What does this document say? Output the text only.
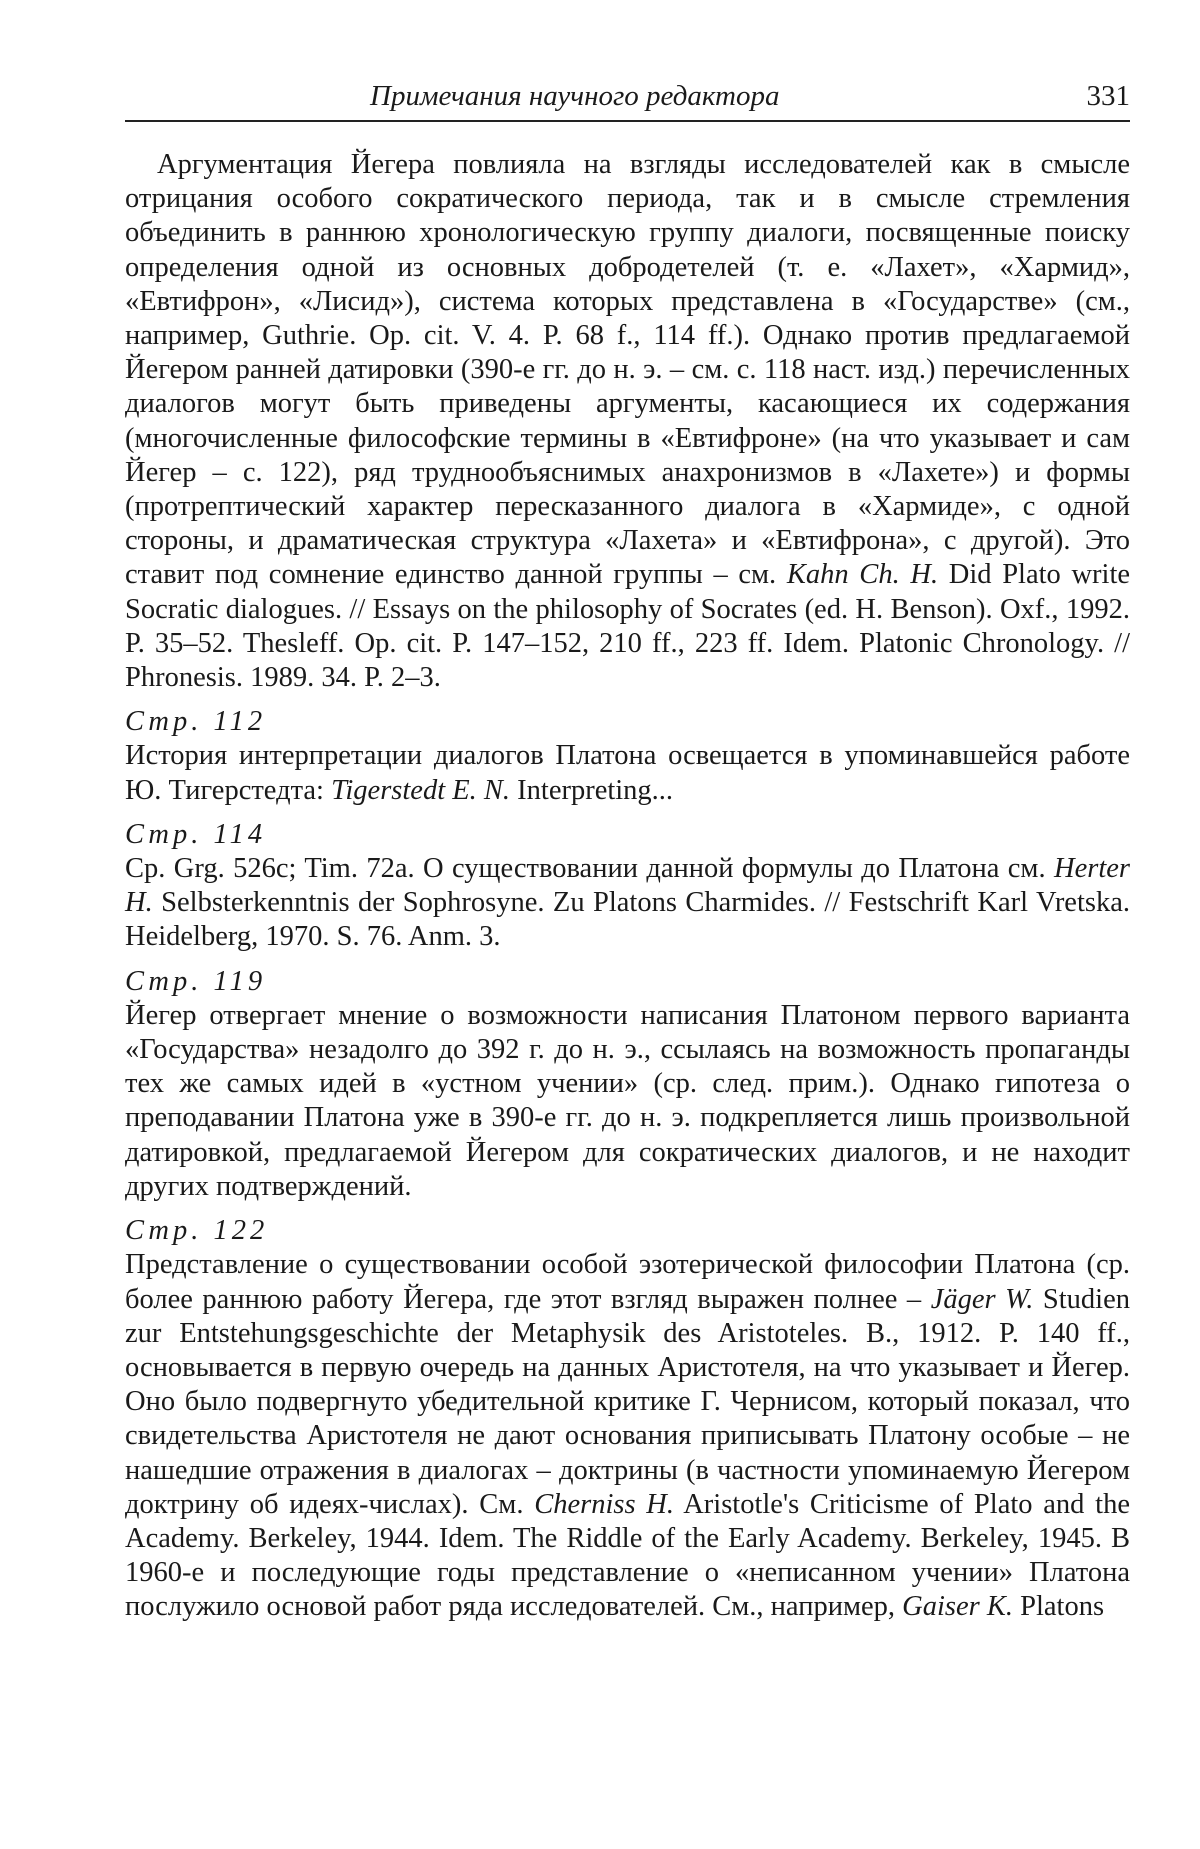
Примечания научного редактора	331

Аргументация Йегера повлияла на взгляды исследователей как в смысле отрицания особого сократического периода, так и в смысле стремления объединить в раннюю хронологическую группу диалоги, посвященные поиску определения одной из основных добродетелей (т. е. «Лахет», «Хармид», «Евтифрон», «Лисид»), система которых представлена в «Государстве» (см., например, Guthrie. Op. cit. V. 4. P. 68 f., 114 ff.). Однако против предлагаемой Йегером ранней датировки (390-е гг. до н. э. – см. с. 118 наст. изд.) перечисленных диалогов могут быть приведены аргументы, касающиеся их содержания (многочисленные философские термины в «Евтифроне» (на что указывает и сам Йегер – с. 122), ряд труднообъяснимых анахронизмов в «Лахете») и формы (протрептический характер пересказанного диалога в «Хармиде», с одной стороны, и драматическая структура «Лахета» и «Евтифрона», с другой). Это ставит под сомнение единство данной группы – см. Kahn Ch. H. Did Plato write Socratic dialogues. // Essays on the philosophy of Socrates (ed. H. Benson). Oxf., 1992. P. 35–52. Thesleff. Op. cit. P. 147–152, 210 ff., 223 ff. Idem. Platonic Chronology. // Phronesis. 1989. 34. P. 2–3.

Стр. 112

История интерпретации диалогов Платона освещается в упоминавшейся работе Ю. Тигерстедта: Tigerstedt E. N. Interpreting...

Стр. 114

Ср. Grg. 526c; Tim. 72a. О существовании данной формулы до Платона см. Herter H. Selbsterkenntnis der Sophrosyne. Zu Platons Charmides. // Festschrift Karl Vretska. Heidelberg, 1970. S. 76. Anm. 3.

Стр. 119

Йегер отвергает мнение о возможности написания Платоном первого варианта «Государства» незадолго до 392 г. до н. э., ссылаясь на возможность пропаганды тех же самых идей в «устном учении» (ср. след. прим.). Однако гипотеза о преподавании Платона уже в 390-е гг. до н. э. подкрепляется лишь произвольной датировкой, предлагаемой Йегером для сократических диалогов, и не находит других подтверждений.

Стр. 122

Представление о существовании особой эзотерической философии Платона (ср. более раннюю работу Йегера, где этот взгляд выражен полнее – Jäger W. Studien zur Entstehungsgeschichte der Metaphysik des Aristoteles. B., 1912. P. 140 ff., основывается в первую очередь на данных Аристотеля, на что указывает и Йегер. Оно было подвергнуто убедительной критике Г. Чернисом, который показал, что свидетельства Аристотеля не дают основания приписывать Платону особые – не нашедшие отражения в диалогах – доктрины (в частности упоминаемую Йегером доктрину об идеях-числах). См. Cherniss H. Aristotle's Criticisme of Plato and the Academy. Berkeley, 1944. Idem. The Riddle of the Early Academy. Berkeley, 1945. В 1960-е и последующие годы представление о «неписанном учении» Платона послужило основой работ ряда исследователей. См., например, Gaiser K. Platons
